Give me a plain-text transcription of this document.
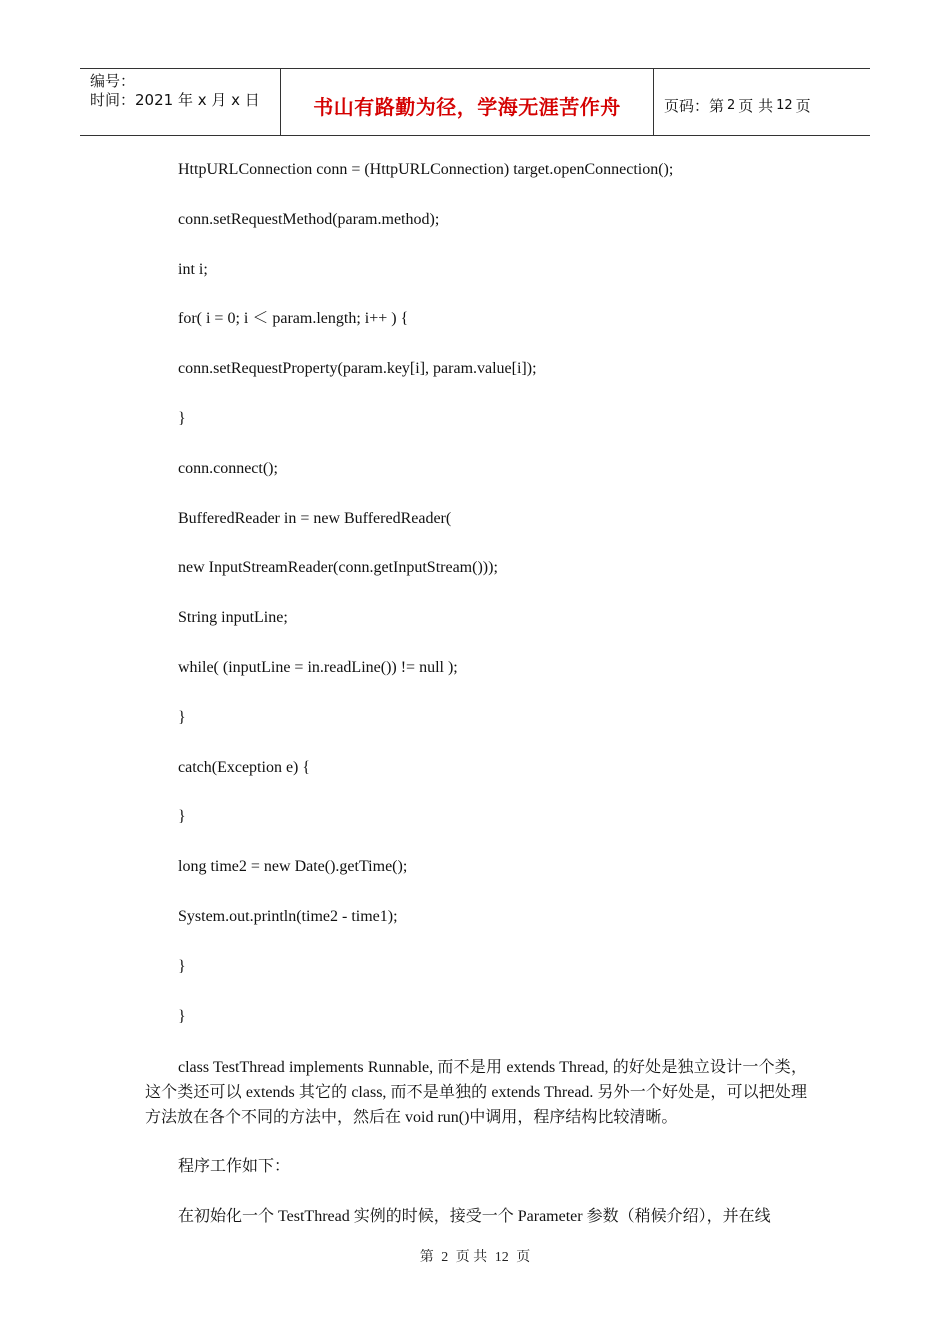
编号：
时间：2021 年 x 月 x 日	书山有路勤为径，学海无涯苦作舟	页码：第 2 页 共 12 页
HttpURLConnection conn = (HttpURLConnection) target.openConnection();
conn.setRequestMethod(param.method);
int i;
for( i = 0; i ＜ param.length; i++ ) {
conn.setRequestProperty(param.key[i], param.value[i]);
}
conn.connect();
BufferedReader in = new BufferedReader(
new InputStreamReader(conn.getInputStream()));
String inputLine;
while( (inputLine = in.readLine()) != null );
}
catch(Exception e) {
}
long time2 = new Date().getTime();
System.out.println(time2 - time1);
}
}

class TestThread implements Runnable, 而不是用 extends Thread, 的好处是独立设计一个类，这个类还可以 extends 其它的 class, 而不是单独的 extends Thread. 另外一个好处是，可以把处理方法放在各个不同的方法中，然后在 void run()中调用，程序结构比较清晰。

程序工作如下：

在初始化一个 TestThread 实例的时候，接受一个 Parameter 参数（稍候介绍），并在线

第 2 页 共 12 页
